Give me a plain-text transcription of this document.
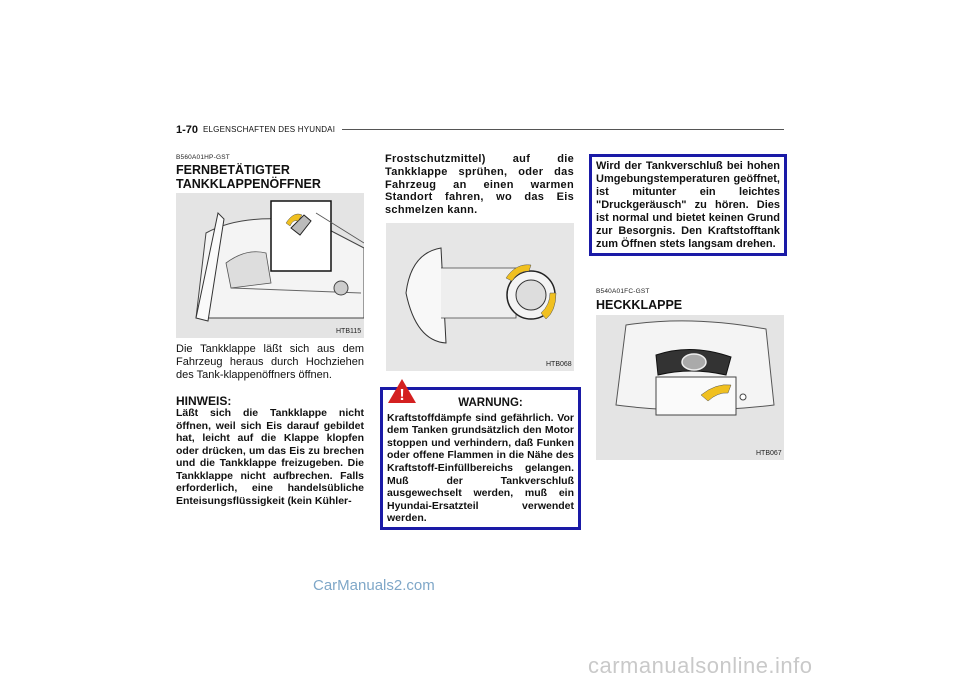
1-70 ELGENSCHAFTEN DES HYUNDAI
B560A01HP-GST
FERNBETÄTIGTER
TANKKLAPPENÖFFNER
HTB115
Die Tankklappe läßt sich aus dem Fahrzeug heraus durch Hochziehen des Tank-klappenöffners öffnen.
HINWEIS:
Läßt sich die Tankklappe nicht öffnen, weil sich Eis darauf gebildet hat, leicht auf die Klappe klopfen oder drücken, um das Eis zu brechen und die Tankklappe freizugeben. Die Tankklappe nicht aufbrechen. Falls erforderlich, eine handelsübliche Enteisungsflüssigkeit (kein Kühler-
Frostschutzmittel) auf die Tankklappe sprühen, oder das Fahrzeug an einen warmen Standort fahren, wo das Eis schmelzen kann.
HTB068
WARNUNG:
Kraftstoffdämpfe sind gefährlich. Vor dem Tanken grundsätzlich den Motor stoppen und verhindern, daß Funken oder offene Flammen in die Nähe des Kraftstoff-Einfüllbereichs gelangen. Muß der Tankverschluß ausgewechselt werden, muß ein Hyundai-Ersatzteil verwendet werden.
!
Wird der Tankverschluß bei hohen Umgebungstemperaturen geöffnet, ist mitunter ein leichtes "Druckgeräusch" zu hören. Dies ist normal und bietet keinen Grund zur Besorgnis. Den Kraftstofftank zum Öffnen stets langsam drehen.
B540A01FC-GST
HECKKLAPPE
HTB067
CarManuals2.com
carmanualsonline.info
